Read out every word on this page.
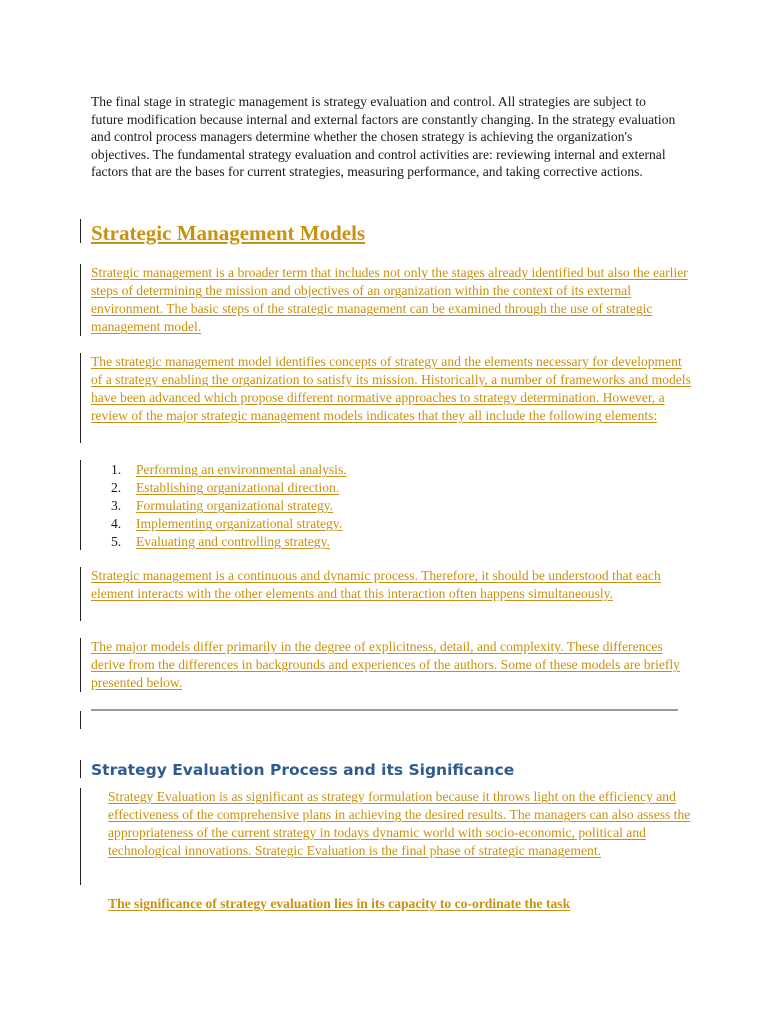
The final stage in strategic management is strategy evaluation and control. All strategies are subject to future modification because internal and external factors are constantly changing. In the strategy evaluation and control process managers determine whether the chosen strategy is achieving the organization's objectives. The fundamental strategy evaluation and control activities are: reviewing internal and external factors that are the bases for current strategies, measuring performance, and taking corrective actions.

Strategic Management Models

Strategic management is a broader term that includes not only the stages already identified but also the earlier steps of determining the mission and objectives of an organization within the context of its external environment. The basic steps of the strategic management can be examined through the use of strategic management model.

The strategic management model identifies concepts of strategy and the elements necessary for development of a strategy enabling the organization to satisfy its mission. Historically, a number of frameworks and models have been advanced which propose different normative approaches to strategy determination. However, a review of the major strategic management models indicates that they all include the following elements:

1. Performing an environmental analysis.
2. Establishing organizational direction.
3. Formulating organizational strategy.
4. Implementing organizational strategy.
5. Evaluating and controlling strategy.

Strategic management is a continuous and dynamic process. Therefore, it should be understood that each element interacts with the other elements and that this interaction often happens simultaneously.

The major models differ primarily in the degree of explicitness, detail, and complexity. These differences derive from the differences in backgrounds and experiences of the authors. Some of these models are briefly presented below.

Strategy Evaluation Process and its Significance

Strategy Evaluation is as significant as strategy formulation because it throws light on the efficiency and effectiveness of the comprehensive plans in achieving the desired results. The managers can also assess the appropriateness of the current strategy in todays dynamic world with socio-economic, political and technological innovations. Strategic Evaluation is the final phase of strategic management.

The significance of strategy evaluation lies in its capacity to co-ordinate the task
